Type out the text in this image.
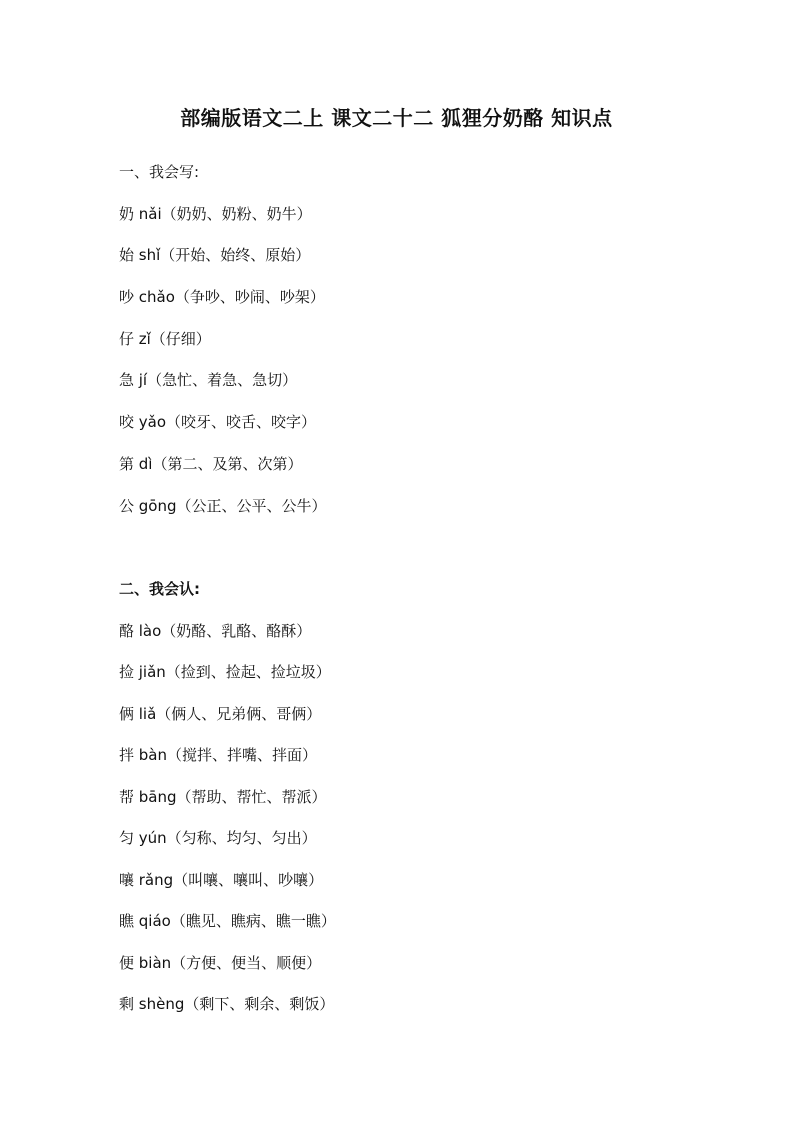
部编版语文二上 课文二十二 狐狸分奶酪 知识点
一、我会写:
奶 nǎi（奶奶、奶粉、奶牛）
始 shǐ（开始、始终、原始）
吵 chǎo（争吵、吵闹、吵架）
仔 zǐ（仔细）
急 jí（急忙、着急、急切）
咬 yǎo（咬牙、咬舌、咬字）
第 dì（第二、及第、次第）
公 gōng（公正、公平、公牛）
二、我会认:
酪 lào（奶酪、乳酪、酪酥）
捡 jiǎn（捡到、捡起、捡垃圾）
俩 liǎ（俩人、兄弟俩、哥俩）
拌 bàn（搅拌、拌嘴、拌面）
帮 bāng（帮助、帮忙、帮派）
匀 yún（匀称、均匀、匀出）
嚷 rǎng（叫嚷、嚷叫、吵嚷）
瞧 qiáo（瞧见、瞧病、瞧一瞧）
便 biàn（方便、便当、顺便）
剩 shèng（剩下、剩余、剩饭）
